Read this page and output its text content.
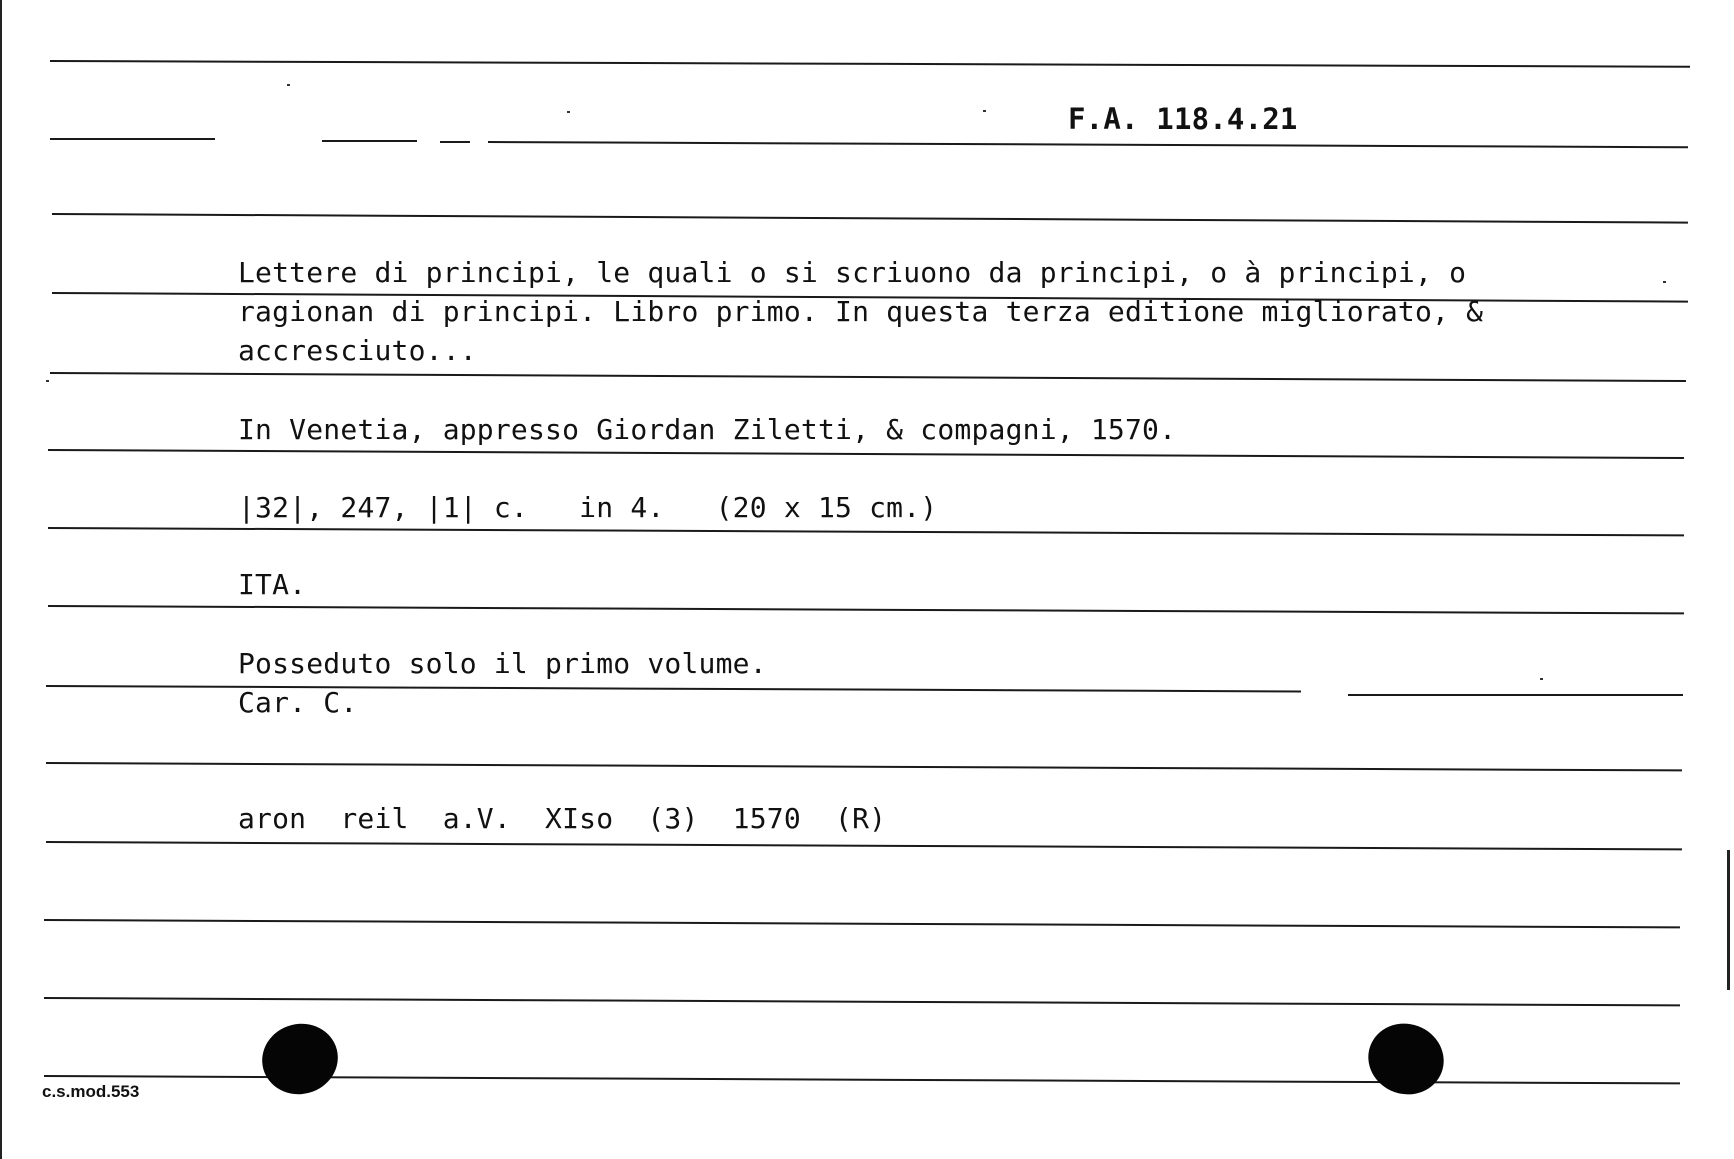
F.A. 118.4.21
Lettere di principi, le quali o si scriuono da principi, o à principi, o
ragionan di principi. Libro primo. In questa terza editione migliorato, &
accresciuto...
In Venetia, appresso Giordan Ziletti, & compagni, 1570.
|32|, 247, |1| c.   in 4.   (20 x 15 cm.)
ITA.
Posseduto solo il primo volume.
Car. C.
aron  reil  a.V.  XIso  (3)  1570  (R)
c.s.mod.553
